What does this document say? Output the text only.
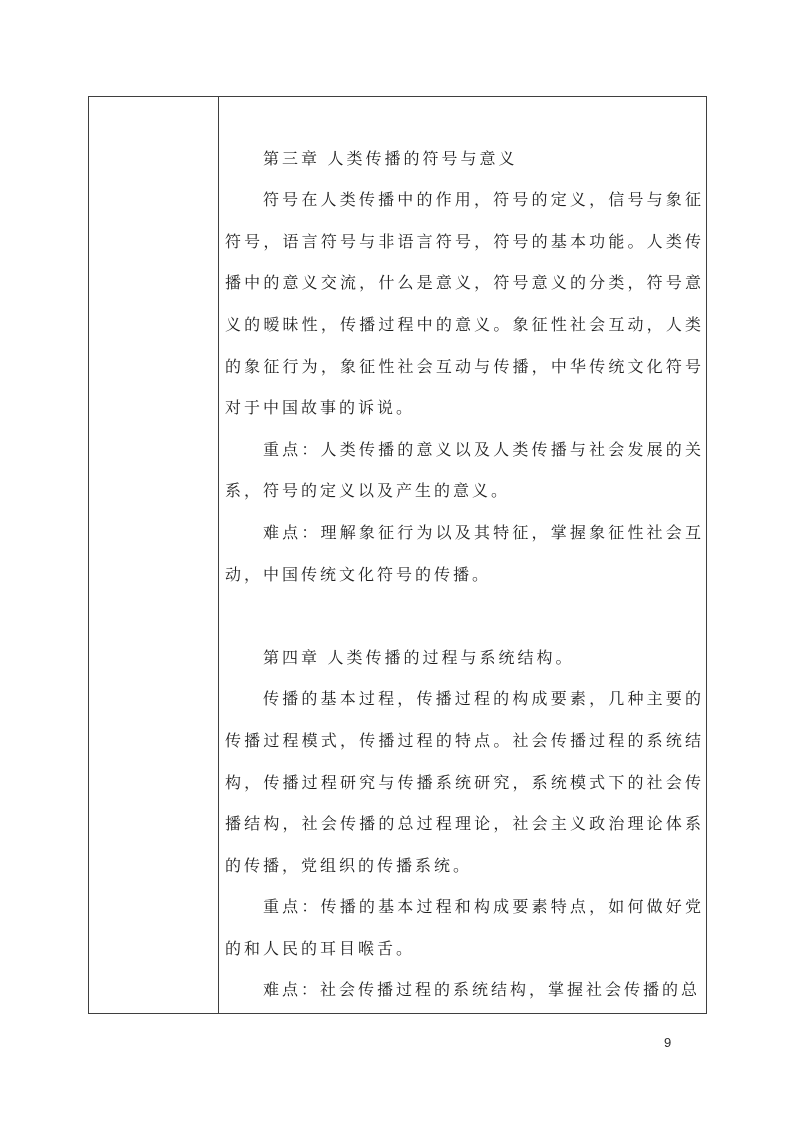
第三章 人类传播的符号与意义

符号在人类传播中的作用，符号的定义，信号与象征符号，语言符号与非语言符号，符号的基本功能。人类传播中的意义交流，什么是意义，符号意义的分类，符号意义的暧昧性，传播过程中的意义。象征性社会互动，人类的象征行为，象征性社会互动与传播，中华传统文化符号对于中国故事的诉说。

重点：人类传播的意义以及人类传播与社会发展的关系，符号的定义以及产生的意义。

难点：理解象征行为以及其特征，掌握象征性社会互动，中国传统文化符号的传播。

第四章 人类传播的过程与系统结构。

传播的基本过程，传播过程的构成要素，几种主要的传播过程模式，传播过程的特点。社会传播过程的系统结构，传播过程研究与传播系统研究，系统模式下的社会传播结构，社会传播的总过程理论，社会主义政治理论体系的传播，党组织的传播系统。

重点：传播的基本过程和构成要素特点，如何做好党的和人民的耳目喉舌。

难点：社会传播过程的系统结构，掌握社会传播的总

9
